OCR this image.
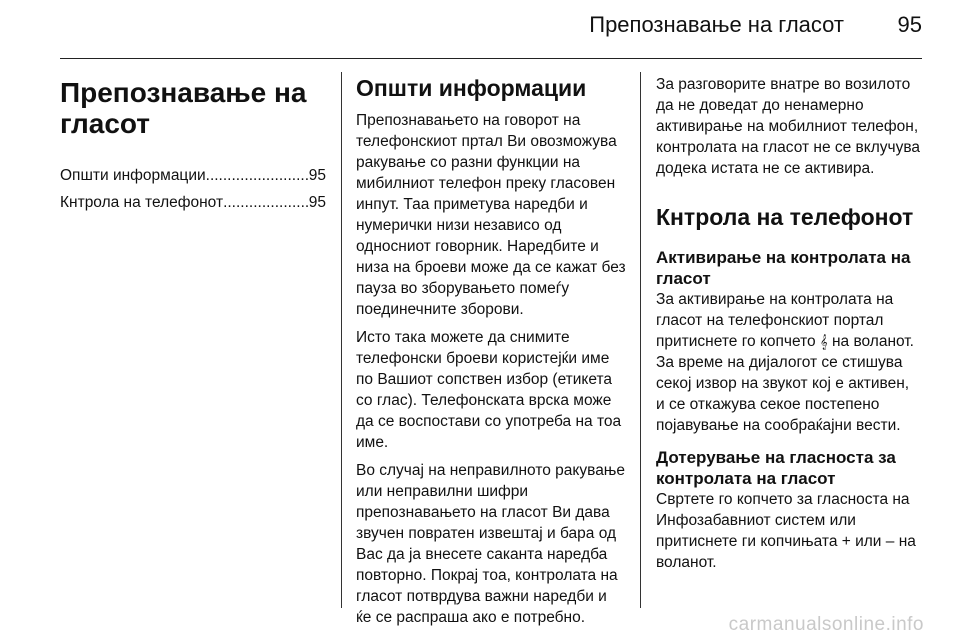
Препознавање на гласот 95
Препознавање на гласот
Општи информации .....	95
Кнтрола на телефонот .....	95
Општи информации

Препознавањето на говорот на телефонскиот пртал Ви овозможува ракување со разни функции на мибилниот телефон преку гласовен инпут. Таа приметува наредби и нумерички низи независо од односниот говорник. Наредбите и низа на броеви може да се кажат без пауза во зборувањето помеѓу поединечните зборови.

Исто така можете да снимите телефонски броеви користејќи име по Вашиот сопствен избор (етикета со глас). Телефонската врска може да се воспостави со употреба на тоа име.

Во случај на неправилното ракување или неправилни шифри препознавањето на гласот Ви дава звучен повратен извештај и бара од Вас да ја внесете саканта наредба повторно. Покрај тоа, контролата на гласот потврдува важни наредби и ќе се распраша ако е потребно.

За разговорите внатре во возилото да не доведат до ненамерно активирање на мобилниот телефон, контролата на гласот не се вклучува додека истата не се активира.

Кнтрола на телефонот
Активирање на контролата на гласот

За активирање на контролата на гласот на телефонскиот портал притиснете го копчето 𝄞 на воланот. За време на дијалогот се стишува секој извор на звукот кој е активен, и се откажува секое постепено појавување на сообраќајни вести.

Дотерување на гласноста за контролата на гласот

Свртете го копчето за гласноста на Инфозабавниот систем или притиснете ги копчињата + или – на воланот.

carmanualsonline.info
